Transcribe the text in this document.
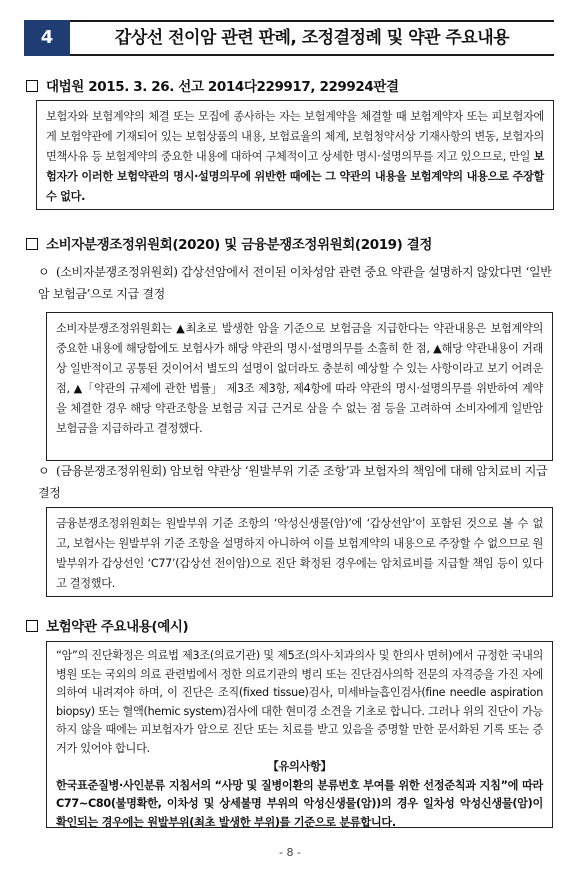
4	갑상선 전이암 관련 판례, 조정결정례 및 약관 주요내용
대법원 2015. 3. 26. 선고 2014다229917, 229924판결
보험자와 보험계약의 체결 또는 모집에 종사하는 자는 보험계약을 체결할 때 보험계약자 또는 피보험자에게 보험약관에 기재되어 있는 보험상품의 내용, 보험료율의 체계, 보험청약서상 기재사항의 변동, 보험자의 면책사유 등 보험계약의 중요한 내용에 대하여 구체적이고 상세한 명시·설명의무를 지고 있으므로, 만일 보험자가 이러한 보험약관의 명시·설명의무에 위반한 때에는 그 약관의 내용을 보험계약의 내용으로 주장할 수 없다.
소비자분쟁조정위원회(2020) 및 금융분쟁조정위원회(2019) 결정
ㅇ (소비자분쟁조정위원회) 갑상선암에서 전이된 이차성암 관련 중요 약관을 설명하지 않았다면 ‘일반암 보험금’으로 지급 결정
소비자분쟁조정위원회는 ▲최초로 발생한 암을 기준으로 보험금을 지급한다는 약관내용은 보험계약의 중요한 내용에 해당함에도 보험사가 해당 약관의 명시·설명의무를 소홀히 한 점, ▲해당 약관내용이 거래상 일반적이고 공통된 것이어서 별도의 설명이 없더라도 충분히 예상할 수 있는 사항이라고 보기 어려운 점, ▲「약관의 규제에 관한 법률」 제3조 제3항, 제4항에 따라 약관의 명시·설명의무를 위반하여 계약을 체결한 경우 해당 약관조항을 보험금 지급 근거로 삼을 수 없는 점 등을 고려하여 소비자에게 일반암 보험금을 지급하라고 결정했다.
ㅇ (금융분쟁조정위원회) 암보험 약관상 ‘원발부위 기준 조항’과 보험자의 책임에 대해 암치료비 지급 결정
금융분쟁조정위원회는 원발부위 기준 조항의 ‘악성신생물(암)’에 ‘갑상선암’이 포함된 것으로 볼 수 없고, 보험사는 원발부위 기준 조항을 설명하지 아니하여 이를 보험계약의 내용으로 주장할 수 없으므로 원발부위가 갑상선인 ‘C77’(갑상선 전이암)으로 진단 확정된 경우에는 암치료비를 지급할 책임 등이 있다고 결정했다.
보험약관 주요내용(예시)
“암”의 진단확정은 의료법 제3조(의료기관) 및 제5조(의사·치과의사 및 한의사 면허)에서 규정한 국내의 병원 또는 국외의 의료 관련법에서 정한 의료기관의 병리 또는 진단검사의학 전문의 자격증을 가진 자에 의하여 내려져야 하며, 이 진단은 조직(fixed tissue)검사, 미세바늘흡인검사(fine needle aspiration biopsy) 또는 혈액(hemic system)검사에 대한 현미경 소견을 기초로 합니다. 그러나 위의 진단이 가능하지 않을 때에는 피보험자가 암으로 진단 또는 치료를 받고 있음을 증명할 만한 문서화된 기록 또는 증거가 있어야 합니다.
【유의사항】
한국표준질병·사인분류 지침서의 “사망 및 질병이환의 분류번호 부여를 위한 선정준칙과 지침”에 따라 C77~C80(불명확한, 이차성 및 상세불명 부위의 악성신생물(암))의 경우 일차성 악성신생물(암)이 확인되는 경우에는 원발부위(최초 발생한 부위)를 기준으로 분류합니다.
- 8 -
